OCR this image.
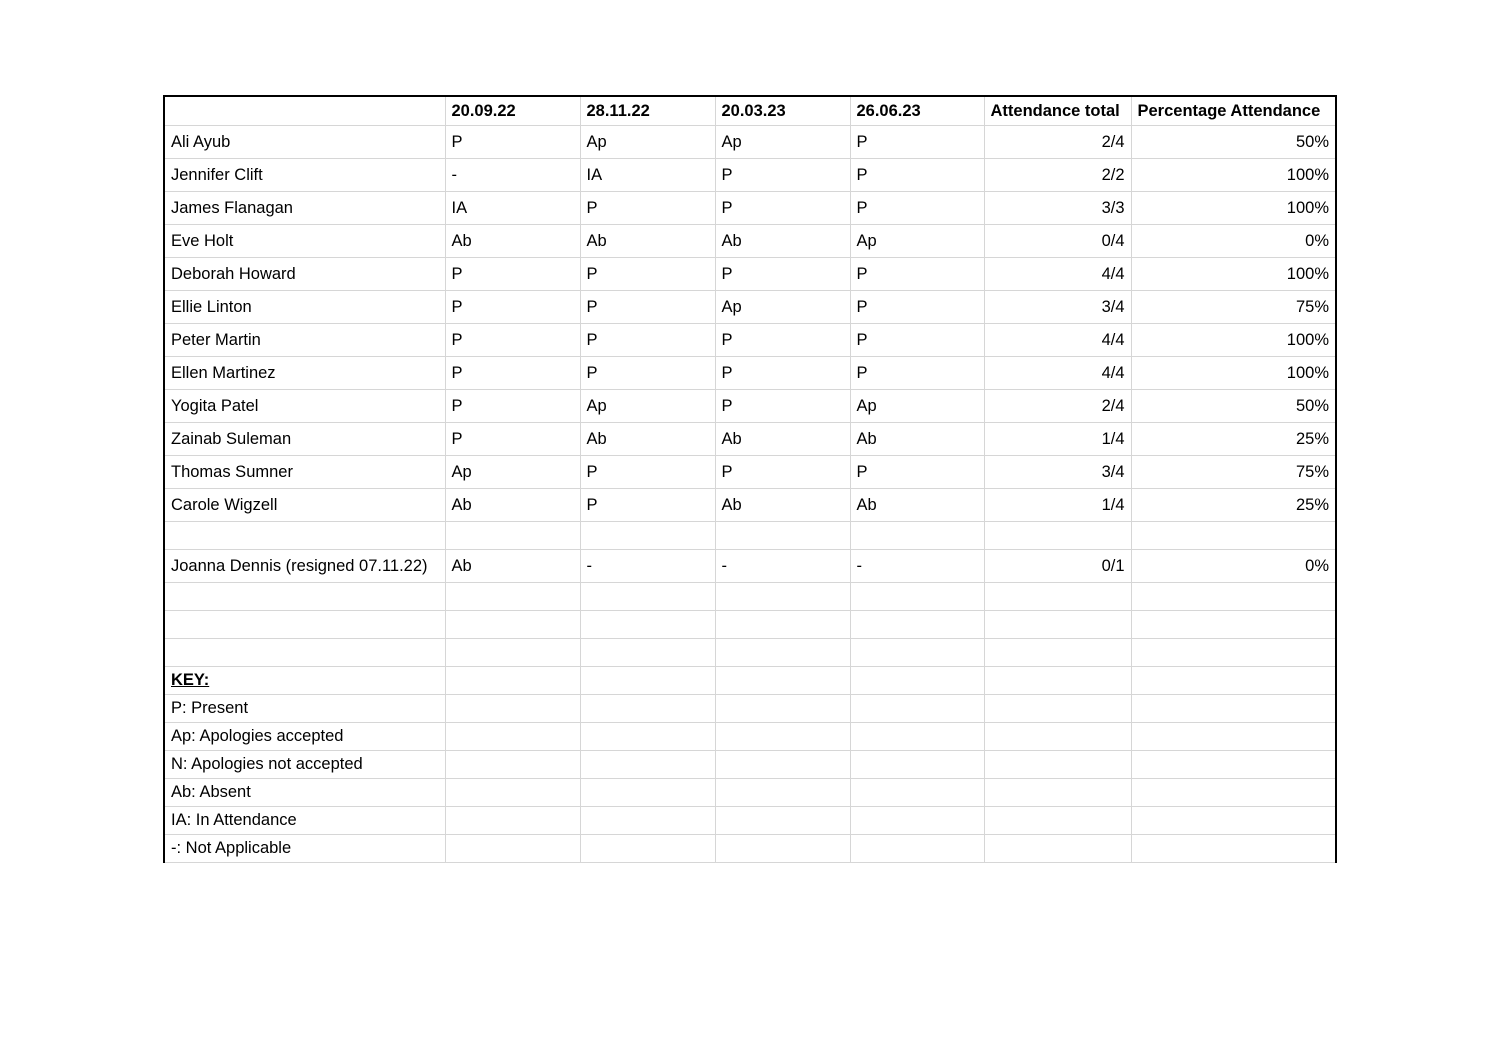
	20.09.22	28.11.22	20.03.23	26.06.23	Attendance total	Percentage Attendance
Ali Ayub	P	Ap	Ap	P	2/4	50%
Jennifer Clift	-	IA	P	P	2/2	100%
James Flanagan	IA	P	P	P	3/3	100%
Eve Holt	Ab	Ab	Ab	Ap	0/4	0%
Deborah Howard	P	P	P	P	4/4	100%
Ellie Linton	P	P	Ap	P	3/4	75%
Peter Martin	P	P	P	P	4/4	100%
Ellen Martinez	P	P	P	P	4/4	100%
Yogita Patel	P	Ap	P	Ap	2/4	50%
Zainab Suleman	P	Ab	Ab	Ab	1/4	25%
Thomas Sumner	Ap	P	P	P	3/4	75%
Carole Wigzell	Ab	P	Ab	Ab	1/4	25%

Joanna Dennis (resigned 07.11.22)	Ab	-	-	-	0/1	0%

KEY:						
P: Present						
Ap: Apologies accepted						
N: Apologies not accepted						
Ab: Absent						
IA: In Attendance						
-: Not Applicable						
